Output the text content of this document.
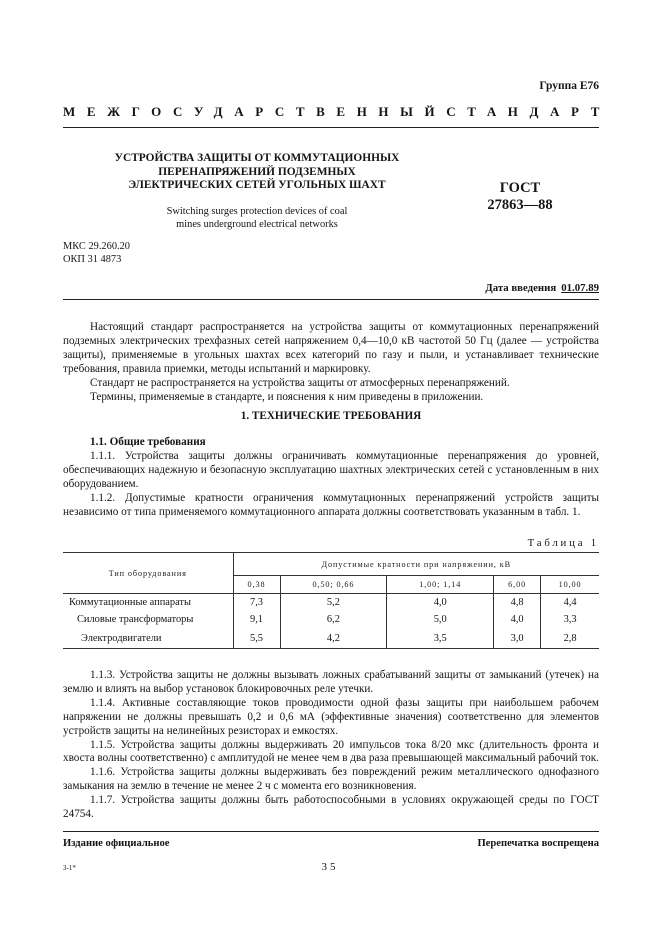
Группа Е76
МЕЖГОСУДАРСТВЕННЫЙ СТАНДАРТ
УСТРОЙСТВА ЗАЩИТЫ ОТ КОММУТАЦИОННЫХ
ПЕРЕНАПРЯЖЕНИЙ ПОДЗЕМНЫХ
ЭЛЕКТРИЧЕСКИХ СЕТЕЙ УГОЛЬНЫХ ШАХТ
Switching surges protection devices of coal
mines underground electrical networks
ГОСТ
27863—88
МКС 29.260.20
ОКП 31 4873
Дата введения 01.07.89

Настоящий стандарт распространяется на устройства защиты от коммутационных перенапряжений подземных электрических трехфазных сетей напряжением 0,4—10,0 кВ частотой 50 Гц (далее — устройства защиты), применяемые в угольных шахтах всех категорий по газу и пыли, и устанавливает технические требования, правила приемки, методы испытаний и маркировку.

Стандарт не распространяется на устройства защиты от атмосферных перенапряжений.

Термины, применяемые в стандарте, и пояснения к ним приведены в приложении.

1. ТЕХНИЧЕСКИЕ ТРЕБОВАНИЯ
1.1. Общие требования

1.1.1. Устройства защиты должны ограничивать коммутационные перенапряжения до уровней, обеспечивающих надежную и безопасную эксплуатацию шахтных электрических сетей с установленным в них оборудованием.

1.1.2. Допустимые кратности ограничения коммутационных перенапряжений устройств защиты независимо от типа применяемого коммутационного аппарата должны соответствовать указанным в табл. 1.

Таблица 1
Тип оборудования	Допустимые кратности при напряжении, кВ				
	0,38	0,50; 0,66	1,00; 1,14	6,00	10,00
Коммутационные аппараты	7,3	5,2	4,0	4,8	4,4
Силовые трансформаторы	9,1	6,2	5,0	4,0	3,3
Электродвигатели	5,5	4,2	3,5	3,0	2,8

1.1.3. Устройства защиты не должны вызывать ложных срабатываний защиты от замыканий (утечек) на землю и влиять на выбор установок блокировочных реле утечки.

1.1.4. Активные составляющие токов проводимости одной фазы защиты при наибольшем рабочем напряжении не должны превышать 0,2 и 0,6 мА (эффективные значения) соответственно для элементов устройств защиты на нелинейных резисторах и емкостях.

1.1.5. Устройства защиты должны выдерживать 20 импульсов тока 8/20 мкс (длительность фронта и хвоста волны соответственно) с амплитудой не менее чем в два раза превышающей максимальный рабочий ток.

1.1.6. Устройства защиты должны выдерживать без повреждений режим металлического однофазного замыкания на землю в течение не менее 2 ч с момента его возникновения.

1.1.7. Устройства защиты должны быть работоспособными в условиях окружающей среды по ГОСТ 24754.

Издание официальное	Перепечатка воспрещена
3-1*	35
